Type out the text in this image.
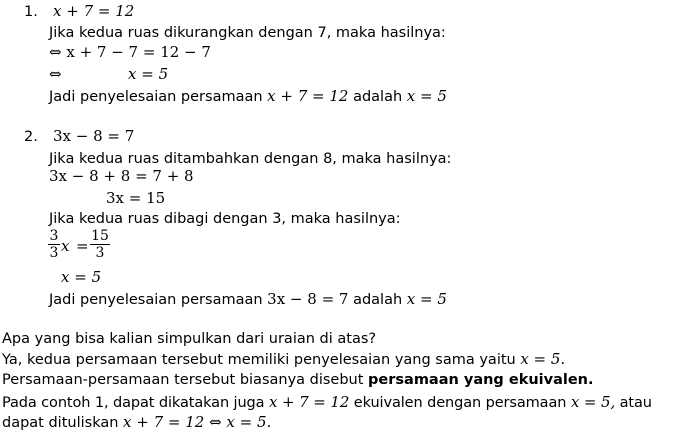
1. x + 7 = 12
Jika kedua ruas dikurangkan dengan 7, maka hasilnya:
⇔ x + 7 − 7 = 12 − 7
⇔	x = 5
Jadi penyelesaian persamaan x + 7 = 12 adalah x = 5
2. 3x − 8 = 7
Jika kedua ruas ditambahkan dengan 8, maka hasilnya:
3x − 8 + 8 = 7 + 8
3x = 15
Jika kedua ruas dibagi dengan 3, maka hasilnya:
3
3 x =
15
3
x = 5
Jadi penyelesaian persamaan 3x − 8 = 7 adalah x = 5
Apa yang bisa kalian simpulkan dari uraian di atas?
Ya, kedua persamaan tersebut memiliki penyelesaian yang sama yaitu x = 5.
Persamaan-persamaan tersebut biasanya disebut persamaan yang ekuivalen.
Pada contoh 1, dapat dikatakan juga x + 7 = 12 ekuivalen dengan persamaan x = 5, atau
dapat dituliskan x + 7 = 12 ⇔ x = 5.
